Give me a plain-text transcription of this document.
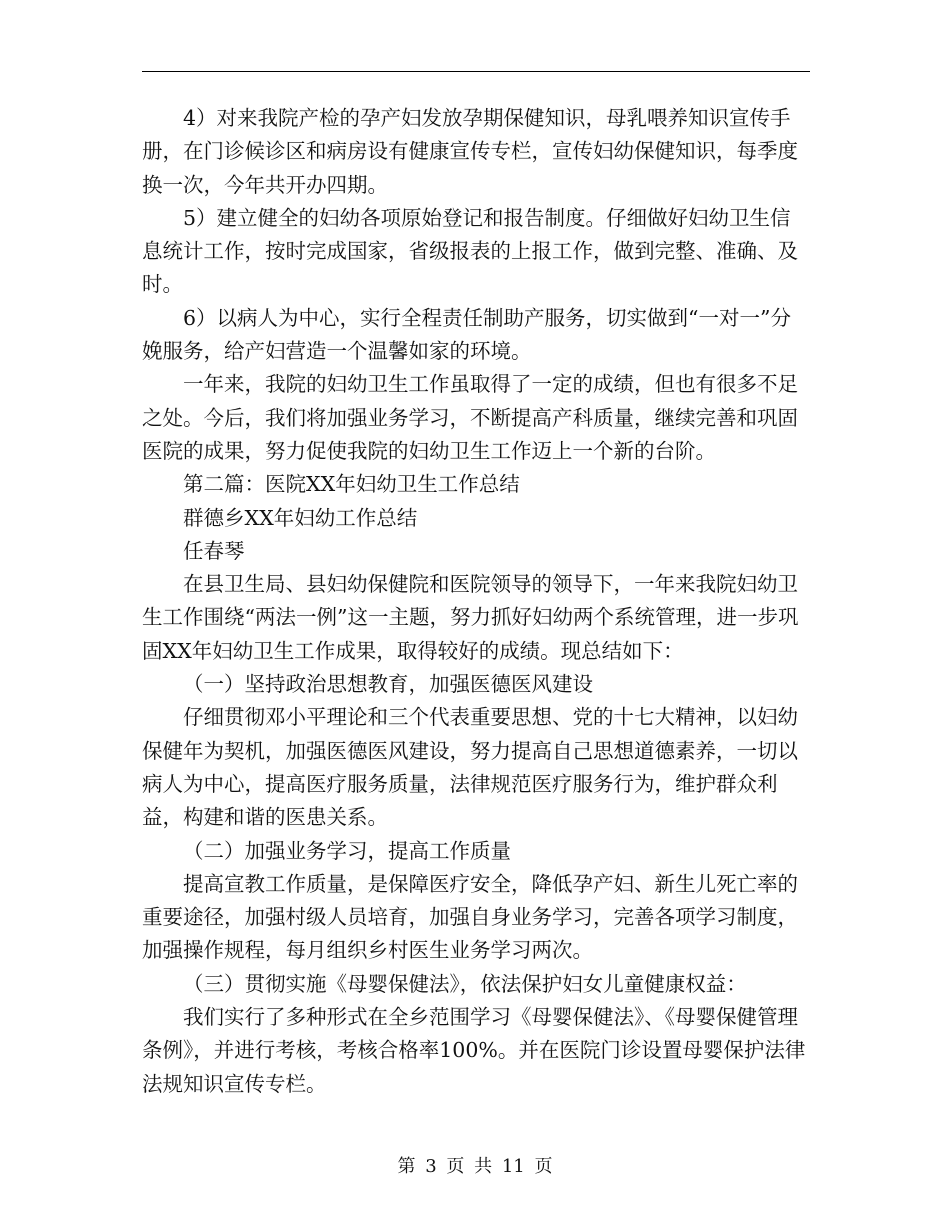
4）对来我院产检的孕产妇发放孕期保健知识，母乳喂养知识宣传手册，在门诊候诊区和病房设有健康宣传专栏，宣传妇幼保健知识，每季度换一次，今年共开办四期。

5）建立健全的妇幼各项原始登记和报告制度。仔细做好妇幼卫生信息统计工作，按时完成国家，省级报表的上报工作，做到完整、准确、及时。

6）以病人为中心，实行全程责任制助产服务，切实做到“一对一”分娩服务，给产妇营造一个温馨如家的环境。

一年来，我院的妇幼卫生工作虽取得了一定的成绩，但也有很多不足之处。今后，我们将加强业务学习，不断提高产科质量，继续完善和巩固医院的成果，努力促使我院的妇幼卫生工作迈上一个新的台阶。

第二篇：医院XX年妇幼卫生工作总结

群德乡XX年妇幼工作总结

任春琴

在县卫生局、县妇幼保健院和医院领导的领导下，一年来我院妇幼卫生工作围绕“两法一例”这一主题，努力抓好妇幼两个系统管理，进一步巩固XX年妇幼卫生工作成果，取得较好的成绩。现总结如下：

（一）坚持政治思想教育，加强医德医风建设

仔细贯彻邓小平理论和三个代表重要思想、党的十七大精神，以妇幼保健年为契机，加强医德医风建设，努力提高自己思想道德素养，一切以病人为中心，提高医疗服务质量，法律规范医疗服务行为，维护群众利益，构建和谐的医患关系。

（二）加强业务学习，提高工作质量

提高宣教工作质量，是保障医疗安全，降低孕产妇、新生儿死亡率的重要途径，加强村级人员培育，加强自身业务学习，完善各项学习制度，加强操作规程，每月组织乡村医生业务学习两次。

（三）贯彻实施《母婴保健法》，依法保护妇女儿童健康权益：

我们实行了多种形式在全乡范围学习《母婴保健法》、《母婴保健管理条例》，并进行考核，考核合格率100%。并在医院门诊设置母婴保护法律法规知识宣传专栏。

第 3 页 共 11 页
